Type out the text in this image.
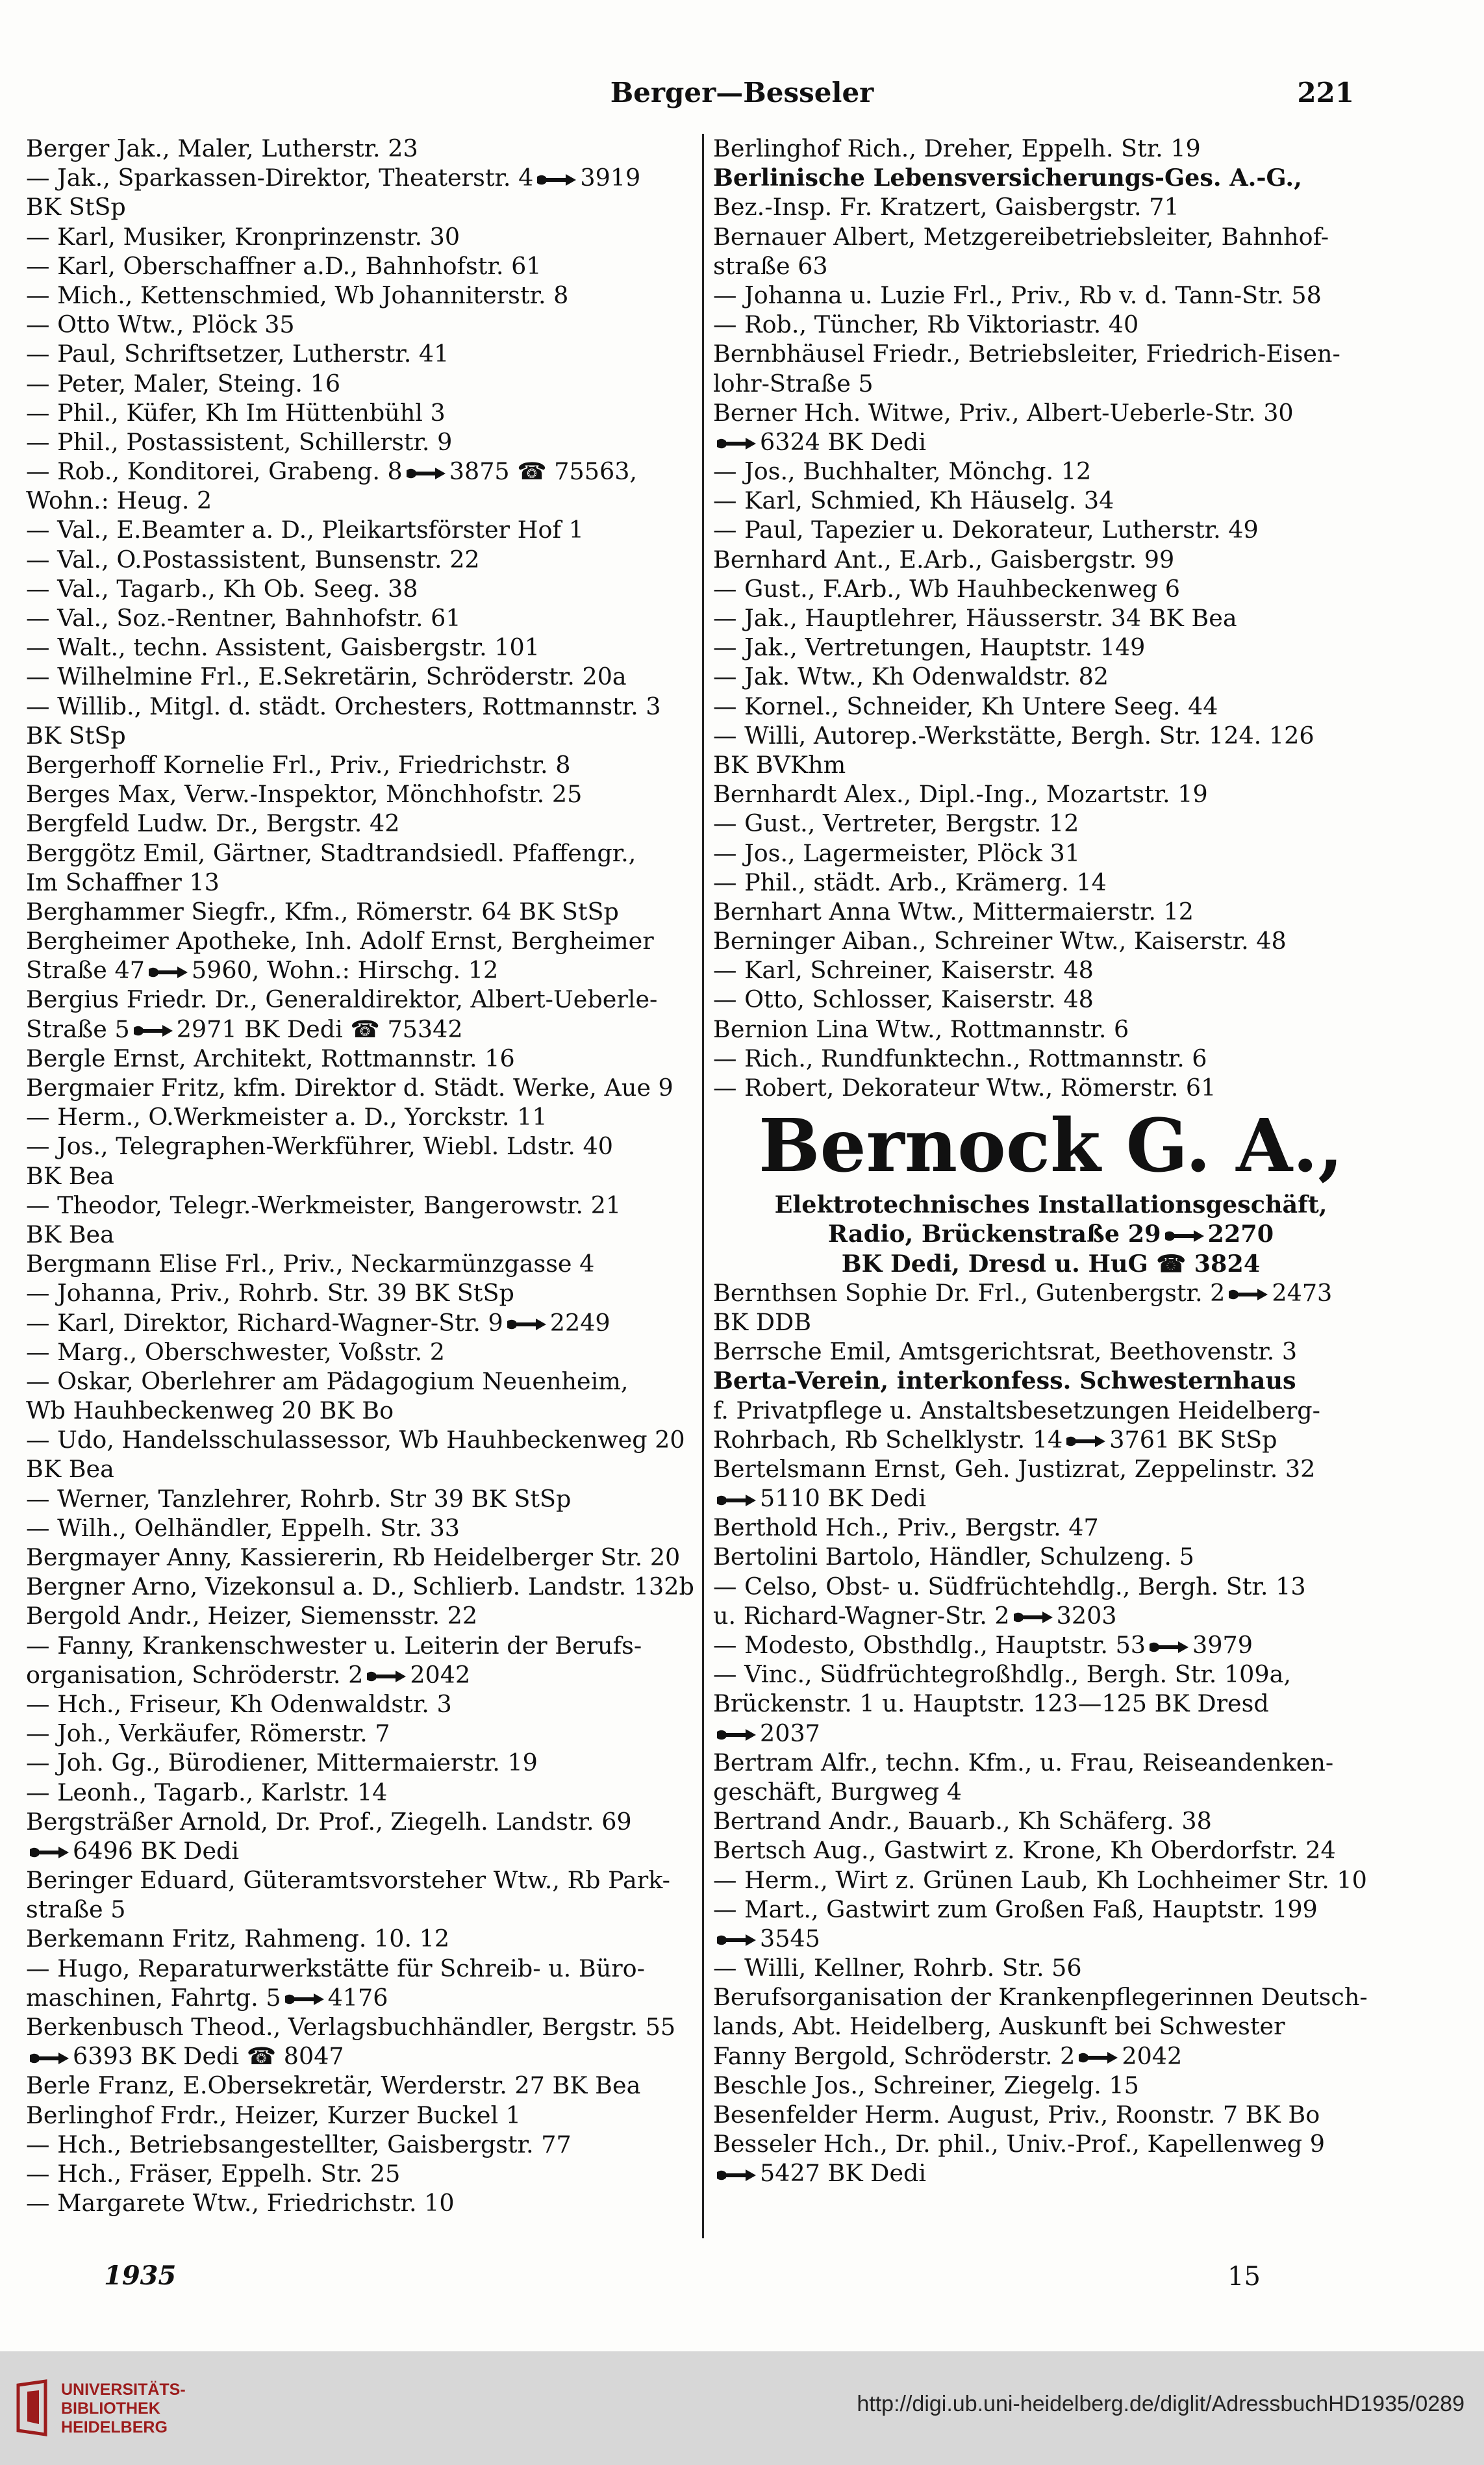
Berger—Besseler	221
Berger Jak., Maler, Lutherstr. 23
— Jak., Sparkassen-Direktor, Theaterstr. 4 3919
BK StSp
— Karl, Musiker, Kronprinzenstr. 30
— Karl, Oberschaffner a.D., Bahnhofstr. 61
— Mich., Kettenschmied, Wb Johanniterstr. 8
— Otto Wtw., Plöck 35
— Paul, Schriftsetzer, Lutherstr. 41
— Peter, Maler, Steing. 16
— Phil., Küfer, Kh Im Hüttenbühl 3
— Phil., Postassistent, Schillerstr. 9
— Rob., Konditorei, Grabeng. 8 3875 ☎ 75563,
Wohn.: Heug. 2
— Val., E.Beamter a. D., Pleikartsförster Hof 1
— Val., O.Postassistent, Bunsenstr. 22
— Val., Tagarb., Kh Ob. Seeg. 38
— Val., Soz.-Rentner, Bahnhofstr. 61
— Walt., techn. Assistent, Gaisbergstr. 101
— Wilhelmine Frl., E.Sekretärin, Schröderstr. 20a
— Willib., Mitgl. d. städt. Orchesters, Rottmannstr. 3
BK StSp
Bergerhoff Kornelie Frl., Priv., Friedrichstr. 8
Berges Max, Verw.-Inspektor, Mönchhofstr. 25
Bergfeld Ludw. Dr., Bergstr. 42
Berggötz Emil, Gärtner, Stadtrandsiedl. Pfaffengr.,
Im Schaffner 13
Berghammer Siegfr., Kfm., Römerstr. 64 BK StSp
Bergheimer Apotheke, Inh. Adolf Ernst, Bergheimer
Straße 47 5960, Wohn.: Hirschg. 12
Bergius Friedr. Dr., Generaldirektor, Albert-Ueberle-
Straße 5 2971 BK Dedi ☎ 75342
Bergle Ernst, Architekt, Rottmannstr. 16
Bergmaier Fritz, kfm. Direktor d. Städt. Werke, Aue 9
— Herm., O.Werkmeister a. D., Yorckstr. 11
— Jos., Telegraphen-Werkführer, Wiebl. Ldstr. 40
BK Bea
— Theodor, Telegr.-Werkmeister, Bangerowstr. 21
BK Bea
Bergmann Elise Frl., Priv., Neckarmünzgasse 4
— Johanna, Priv., Rohrb. Str. 39 BK StSp
— Karl, Direktor, Richard-Wagner-Str. 9 2249
— Marg., Oberschwester, Voßstr. 2
— Oskar, Oberlehrer am Pädagogium Neuenheim,
Wb Hauhbeckenweg 20 BK Bo
— Udo, Handelsschulassessor, Wb Hauhbeckenweg 20
BK Bea
— Werner, Tanzlehrer, Rohrb. Str 39 BK StSp
— Wilh., Oelhändler, Eppelh. Str. 33
Bergmayer Anny, Kassiererin, Rb Heidelberger Str. 20
Bergner Arno, Vizekonsul a. D., Schlierb. Landstr. 132b
Bergold Andr., Heizer, Siemensstr. 22
— Fanny, Krankenschwester u. Leiterin der Berufs-
organisation, Schröderstr. 2 2042
— Hch., Friseur, Kh Odenwaldstr. 3
— Joh., Verkäufer, Römerstr. 7
— Joh. Gg., Bürodiener, Mittermaierstr. 19
— Leonh., Tagarb., Karlstr. 14
Bergsträßer Arnold, Dr. Prof., Ziegelh. Landstr. 69
6496 BK Dedi
Beringer Eduard, Güteramtsvorsteher Wtw., Rb Park-
straße 5
Berkemann Fritz, Rahmeng. 10. 12
— Hugo, Reparaturwerkstätte für Schreib- u. Büro-
maschinen, Fahrtg. 5 4176
Berkenbusch Theod., Verlagsbuchhändler, Bergstr. 55
6393 BK Dedi ☎ 8047
Berle Franz, E.Obersekretär, Werderstr. 27 BK Bea
Berlinghof Frdr., Heizer, Kurzer Buckel 1
— Hch., Betriebsangestellter, Gaisbergstr. 77
— Hch., Fräser, Eppelh. Str. 25
— Margarete Wtw., Friedrichstr. 10
Berlinghof Rich., Dreher, Eppelh. Str. 19
Berlinische Lebensversicherungs-Ges. A.-G.,
Bez.-Insp. Fr. Kratzert, Gaisbergstr. 71
Bernauer Albert, Metzgereibetriebsleiter, Bahnhof-
straße 63
— Johanna u. Luzie Frl., Priv., Rb v. d. Tann-Str. 58
— Rob., Tüncher, Rb Viktoriastr. 40
Bernbhäusel Friedr., Betriebsleiter, Friedrich-Eisen-
lohr-Straße 5
Berner Hch. Witwe, Priv., Albert-Ueberle-Str. 30
6324 BK Dedi
— Jos., Buchhalter, Mönchg. 12
— Karl, Schmied, Kh Häuselg. 34
— Paul, Tapezier u. Dekorateur, Lutherstr. 49
Bernhard Ant., E.Arb., Gaisbergstr. 99
— Gust., F.Arb., Wb Hauhbeckenweg 6
— Jak., Hauptlehrer, Häusserstr. 34 BK Bea
— Jak., Vertretungen, Hauptstr. 149
— Jak. Wtw., Kh Odenwaldstr. 82
— Kornel., Schneider, Kh Untere Seeg. 44
— Willi, Autorep.-Werkstätte, Bergh. Str. 124. 126
BK BVKhm
Bernhardt Alex., Dipl.-Ing., Mozartstr. 19
— Gust., Vertreter, Bergstr. 12
— Jos., Lagermeister, Plöck 31
— Phil., städt. Arb., Krämerg. 14
Bernhart Anna Wtw., Mittermaierstr. 12
Berninger Aiban., Schreiner Wtw., Kaiserstr. 48
— Karl, Schreiner, Kaiserstr. 48
— Otto, Schlosser, Kaiserstr. 48
Bernion Lina Wtw., Rottmannstr. 6
— Rich., Rundfunktechn., Rottmannstr. 6
— Robert, Dekorateur Wtw., Römerstr. 61
Bernock G. A.,
Elektrotechnisches Installationsgeschäft,
Radio, Brückenstraße 29 2270
BK Dedi, Dresd u. HuG ☎ 3824
Bernthsen Sophie Dr. Frl., Gutenbergstr. 2 2473
BK DDB
Berrsche Emil, Amtsgerichtsrat, Beethovenstr. 3
Berta-Verein, interkonfess. Schwesternhaus
f. Privatpflege u. Anstaltsbesetzungen Heidelberg-
Rohrbach, Rb Schelklystr. 14 3761 BK StSp
Bertelsmann Ernst, Geh. Justizrat, Zeppelinstr. 32
5110 BK Dedi
Berthold Hch., Priv., Bergstr. 47
Bertolini Bartolo, Händler, Schulzeng. 5
— Celso, Obst- u. Südfrüchtehdlg., Bergh. Str. 13
u. Richard-Wagner-Str. 2 3203
— Modesto, Obsthdlg., Hauptstr. 53 3979
— Vinc., Südfrüchtegroßhdlg., Bergh. Str. 109a,
Brückenstr. 1 u. Hauptstr. 123—125 BK Dresd
2037
Bertram Alfr., techn. Kfm., u. Frau, Reiseandenken-
geschäft, Burgweg 4
Bertrand Andr., Bauarb., Kh Schäferg. 38
Bertsch Aug., Gastwirt z. Krone, Kh Oberdorfstr. 24
— Herm., Wirt z. Grünen Laub, Kh Lochheimer Str. 10
— Mart., Gastwirt zum Großen Faß, Hauptstr. 199
3545
— Willi, Kellner, Rohrb. Str. 56
Berufsorganisation der Krankenpflegerinnen Deutsch-
lands, Abt. Heidelberg, Auskunft bei Schwester
Fanny Bergold, Schröderstr. 2 2042
Beschle Jos., Schreiner, Ziegelg. 15
Besenfelder Herm. August, Priv., Roonstr. 7 BK Bo
Besseler Hch., Dr. phil., Univ.-Prof., Kapellenweg 9
5427 BK Dedi
1935	15
UNIVERSITÄTS-
BIBLIOTHEK
HEIDELBERG
http://digi.ub.uni-heidelberg.de/diglit/AdressbuchHD1935/0289
